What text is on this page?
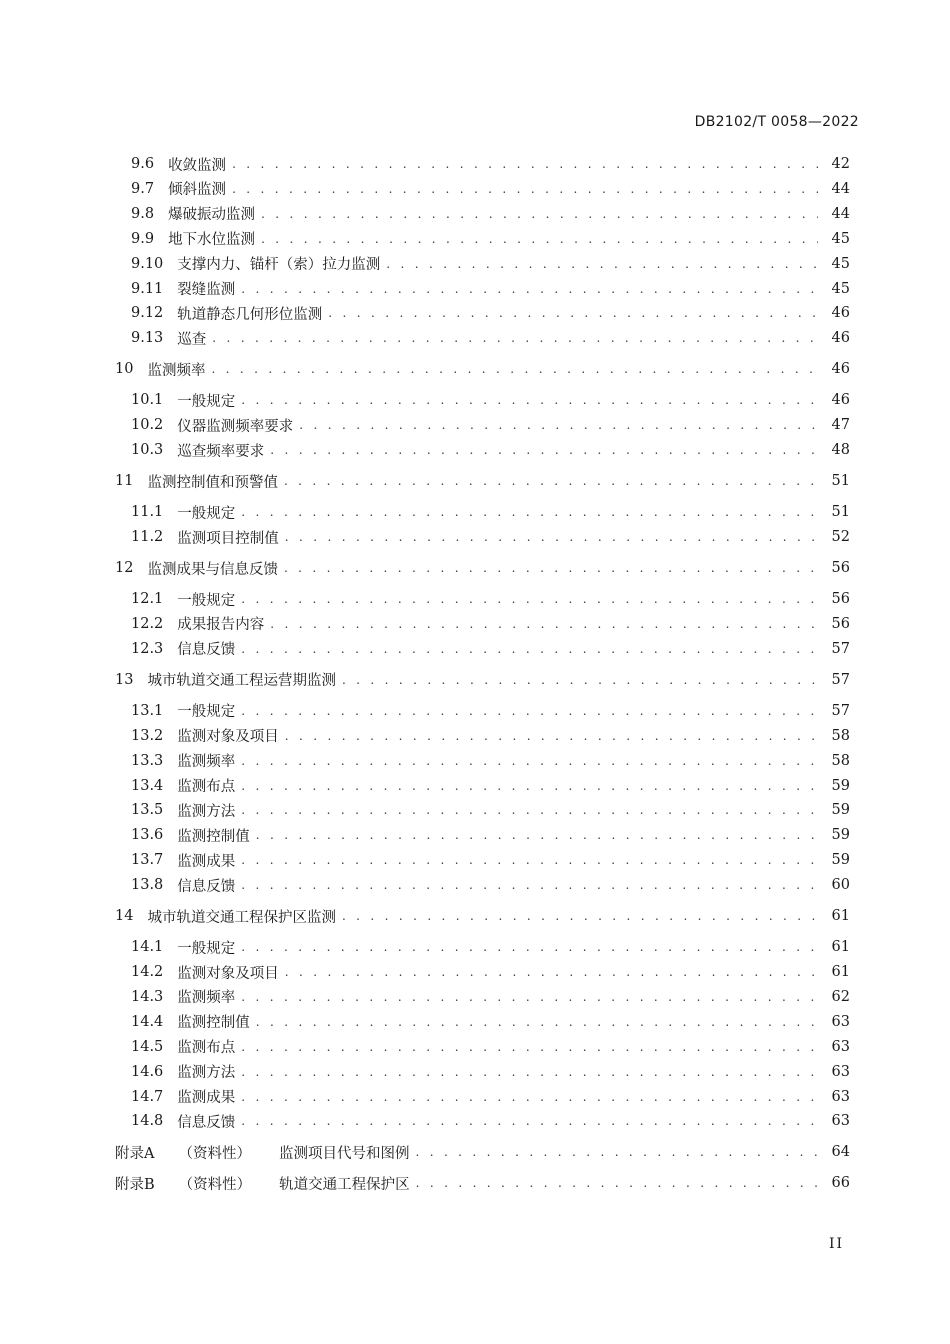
DB2102/T 0058—2022
9.6 收敛监测 . . .	42
9.7 倾斜监测 . . .	44
9.8 爆破振动监测 . . .	44
9.9 地下水位监测 . . .	45
9.10 支撑内力、锚杆（索）拉力监测 . . .	45
9.11 裂缝监测 . . .	45
9.12 轨道静态几何形位监测 . . .	46
9.13 巡查 . . .	46
10 监测频率 . . .	46
10.1 一般规定 . . .	46
10.2 仪器监测频率要求 . . .	47
10.3 巡查频率要求 . . .	48
11 监测控制值和预警值 . . .	51
11.1 一般规定 . . .	51
11.2 监测项目控制值 . . .	52
12 监测成果与信息反馈 . . .	56
12.1 一般规定 . . .	56
12.2 成果报告内容 . . .	56
12.3 信息反馈 . . .	57
13 城市轨道交通工程运营期监测 . . .	57
13.1 一般规定 . . .	57
13.2 监测对象及项目 . . .	58
13.3 监测频率 . . .	58
13.4 监测布点 . . .	59
13.5 监测方法 . . .	59
13.6 监测控制值 . . .	59
13.7 监测成果 . . .	59
13.8 信息反馈 . . .	60
14 城市轨道交通工程保护区监测 . . .	61
14.1 一般规定 . . .	61
14.2 监测对象及项目 . . .	61
14.3 监测频率 . . .	62
14.4 监测控制值 . . .	63
14.5 监测布点 . . .	63
14.6 监测方法 . . .	63
14.7 监测成果 . . .	63
14.8 信息反馈 . . .	63
附录A （资料性） 监测项目代号和图例 . . .	64
附录B （资料性） 轨道交通工程保护区 . . .	66
II
